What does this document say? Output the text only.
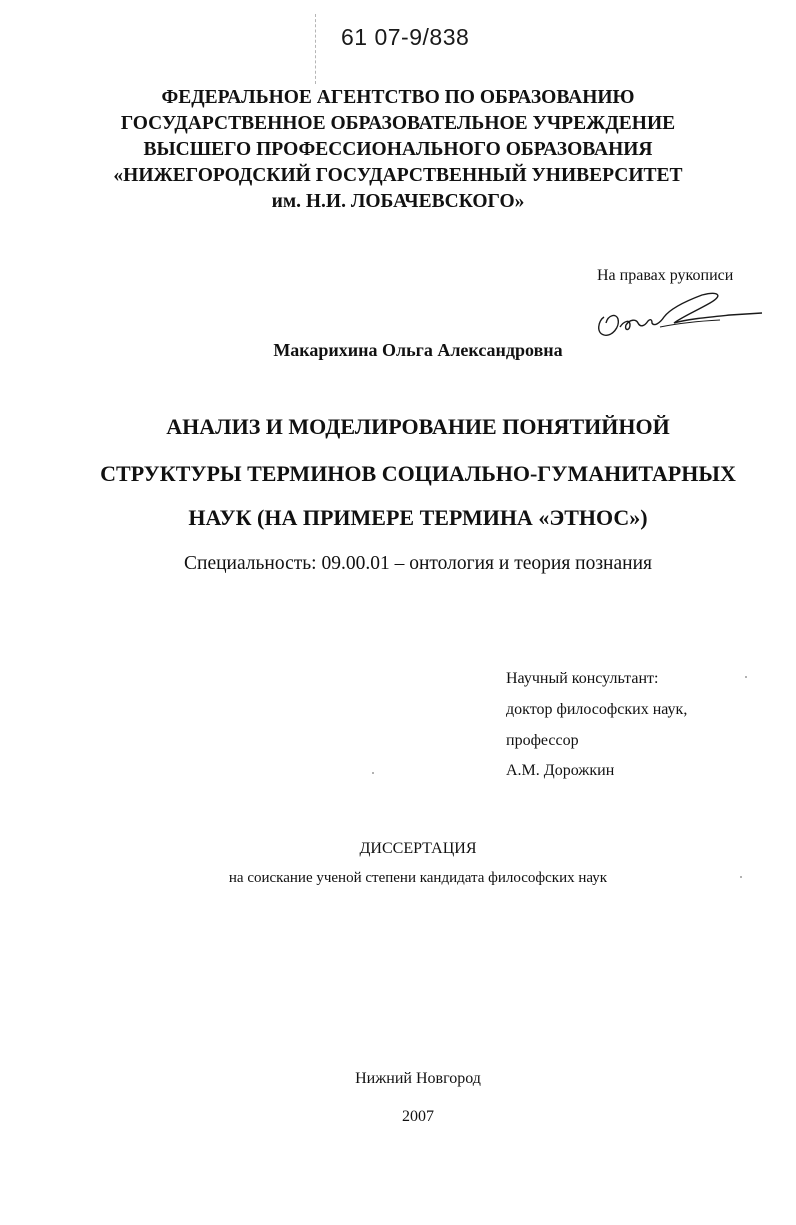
61 07-9/838
ФЕДЕРАЛЬНОЕ АГЕНТСТВО ПО ОБРАЗОВАНИЮ
ГОСУДАРСТВЕННОЕ ОБРАЗОВАТЕЛЬНОЕ УЧРЕЖДЕНИЕ
ВЫСШЕГО ПРОФЕССИОНАЛЬНОГО ОБРАЗОВАНИЯ
«НИЖЕГОРОДСКИЙ ГОСУДАРСТВЕННЫЙ УНИВЕРСИТЕТ
им. Н.И. ЛОБАЧЕВСКОГО»
На правах рукописи
Макарихина Ольга Александровна
АНАЛИЗ И МОДЕЛИРОВАНИЕ ПОНЯТИЙНОЙ
СТРУКТУРЫ ТЕРМИНОВ СОЦИАЛЬНО-ГУМАНИТАРНЫХ
НАУК (НА ПРИМЕРЕ ТЕРМИНА «ЭТНОС»)
Специальность: 09.00.01 – онтология и теория познания
Научный консультант:
доктор философских наук,
профессор
А.М. Дорожкин
ДИССЕРТАЦИЯ
на соискание ученой степени кандидата философских наук
Нижний Новгород
2007
